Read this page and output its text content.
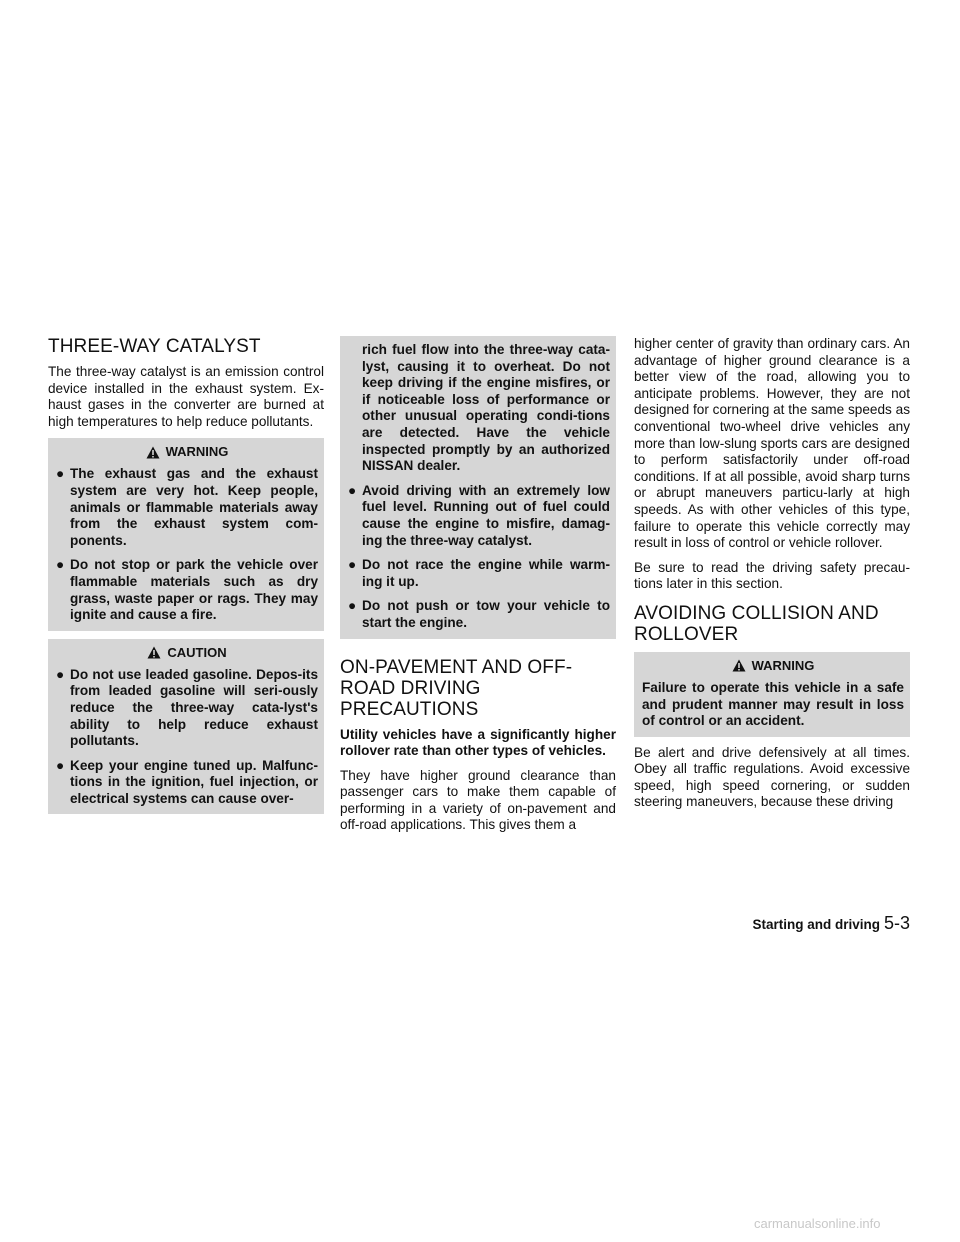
THREE-WAY CATALYST

The three-way catalyst is an emission control device installed in the exhaust system. Ex-haust gases in the converter are burned at high temperatures to help reduce pollutants.

WARNING
● The exhaust gas and the exhaust system are very hot. Keep people, animals or flammable materials away from the exhaust system com-ponents.
● Do not stop or park the vehicle over flammable materials such as dry grass, waste paper or rags. They may ignite and cause a fire.
CAUTION
● Do not use leaded gasoline. Depos-its from leaded gasoline will seri-ously reduce the three-way cata-lyst's ability to help reduce exhaust pollutants.
● Keep your engine tuned up. Malfunc-tions in the ignition, fuel injection, or electrical systems can cause over-
rich fuel flow into the three-way cata-lyst, causing it to overheat. Do not keep driving if the engine misfires, or if noticeable loss of performance or other unusual operating condi-tions are detected. Have the vehicle inspected promptly by an authorized NISSAN dealer.
● Avoid driving with an extremely low fuel level. Running out of fuel could cause the engine to misfire, damag-ing the three-way catalyst.
● Do not race the engine while warm-ing it up.
● Do not push or tow your vehicle to start the engine.
ON-PAVEMENT AND OFF-ROAD DRIVING PRECAUTIONS

Utility vehicles have a significantly higher rollover rate than other types of vehicles.

They have higher ground clearance than passenger cars to make them capable of performing in a variety of on-pavement and off-road applications. This gives them a

higher center of gravity than ordinary cars. An advantage of higher ground clearance is a better view of the road, allowing you to anticipate problems. However, they are not designed for cornering at the same speeds as conventional two-wheel drive vehicles any more than low-slung sports cars are designed to perform satisfactorily under off-road conditions. If at all possible, avoid sharp turns or abrupt maneuvers particu-larly at high speeds. As with other vehicles of this type, failure to operate this vehicle correctly may result in loss of control or vehicle rollover.

Be sure to read the driving safety precau-tions later in this section.

AVOIDING COLLISION AND ROLLOVER
WARNING
Failure to operate this vehicle in a safe and prudent manner may result in loss of control or an accident.

Be alert and drive defensively at all times. Obey all traffic regulations. Avoid excessive speed, high speed cornering, or sudden steering maneuvers, because these driving

Starting and driving 5-3
carmanualsonline.info
